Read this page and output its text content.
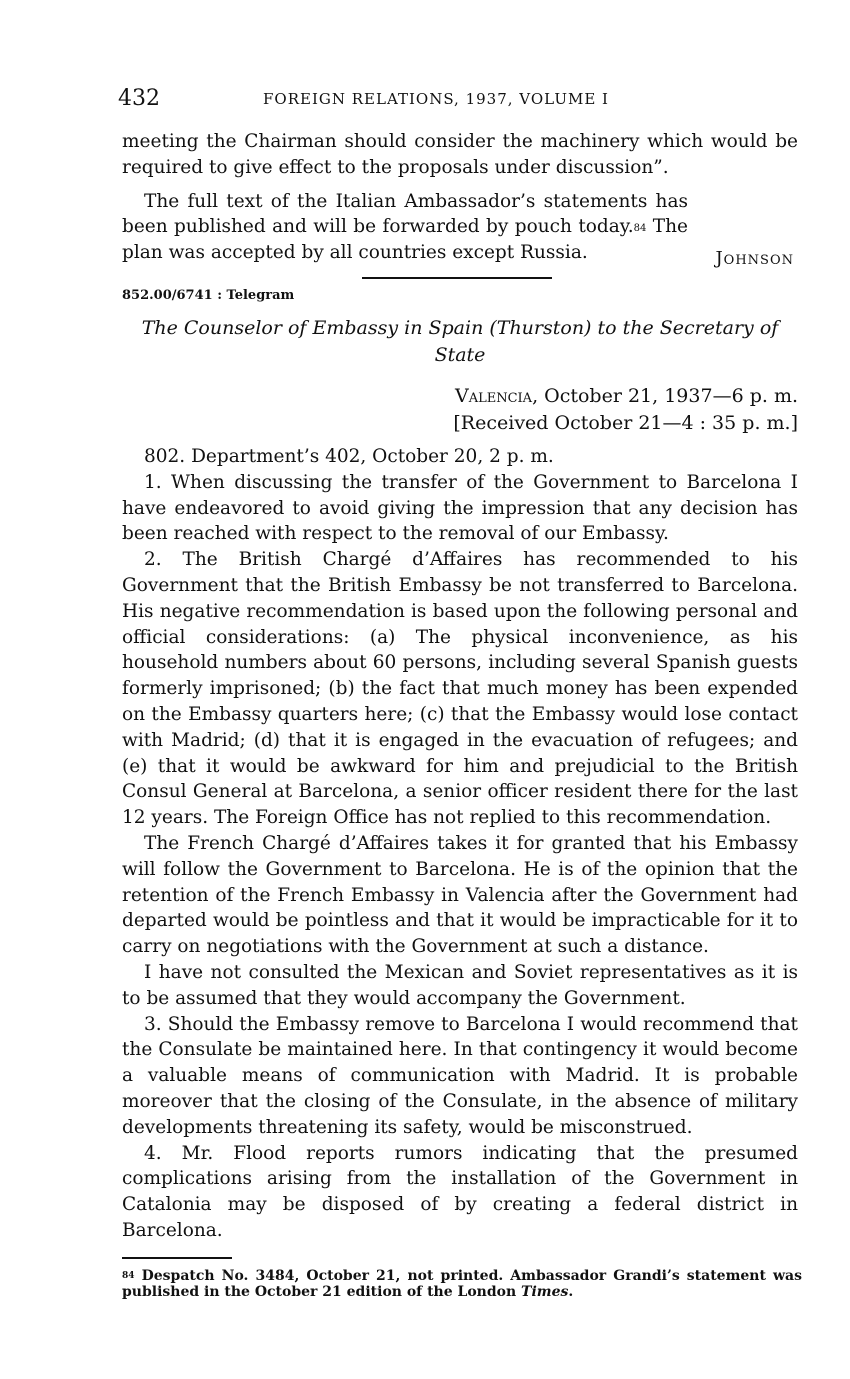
432	FOREIGN RELATIONS, 1937, VOLUME I

meeting the Chairman should consider the machinery which would be required to give effect to the proposals under discussion”.

The full text of the Italian Ambassador’s statements has been published and will be forwarded by pouch today.$^{84}$ The plan was accepted by all countries except Russia.	Johnson
852.00/6741 : Telegram
The Counselor of Embassy in Spain (Thurston) to the Secretary of State
Valencia, October 21, 1937—6 p. m.
[Received October 21—4 : 35 p. m.]

802. Department’s 402, October 20, 2 p. m.

1. When discussing the transfer of the Government to Barcelona I have endeavored to avoid giving the impression that any decision has been reached with respect to the removal of our Embassy.

2. The British Chargé d’Affaires has recommended to his Government that the British Embassy be not transferred to Barcelona. His negative recommendation is based upon the following personal and official considerations: (a) The physical inconvenience, as his household numbers about 60 persons, including several Spanish guests formerly imprisoned; (b) the fact that much money has been expended on the Embassy quarters here; (c) that the Embassy would lose contact with Madrid; (d) that it is engaged in the evacuation of refugees; and (e) that it would be awkward for him and prejudicial to the British Consul General at Barcelona, a senior officer resident there for the last 12 years. The Foreign Office has not replied to this recommendation.

The French Chargé d’Affaires takes it for granted that his Embassy will follow the Government to Barcelona. He is of the opinion that the retention of the French Embassy in Valencia after the Government had departed would be pointless and that it would be impracticable for it to carry on negotiations with the Government at such a distance.

I have not consulted the Mexican and Soviet representatives as it is to be assumed that they would accompany the Government.

3. Should the Embassy remove to Barcelona I would recommend that the Consulate be maintained here. In that contingency it would become a valuable means of communication with Madrid. It is probable moreover that the closing of the Consulate, in the absence of military developments threatening its safety, would be misconstrued.

4. Mr. Flood reports rumors indicating that the presumed complications arising from the installation of the Government in Catalonia may be disposed of by creating a federal district in Barcelona.

$^{84}$ Despatch No. 3484, October 21, not printed. Ambassador Grandi’s statement was published in the October 21 edition of the London Times.
